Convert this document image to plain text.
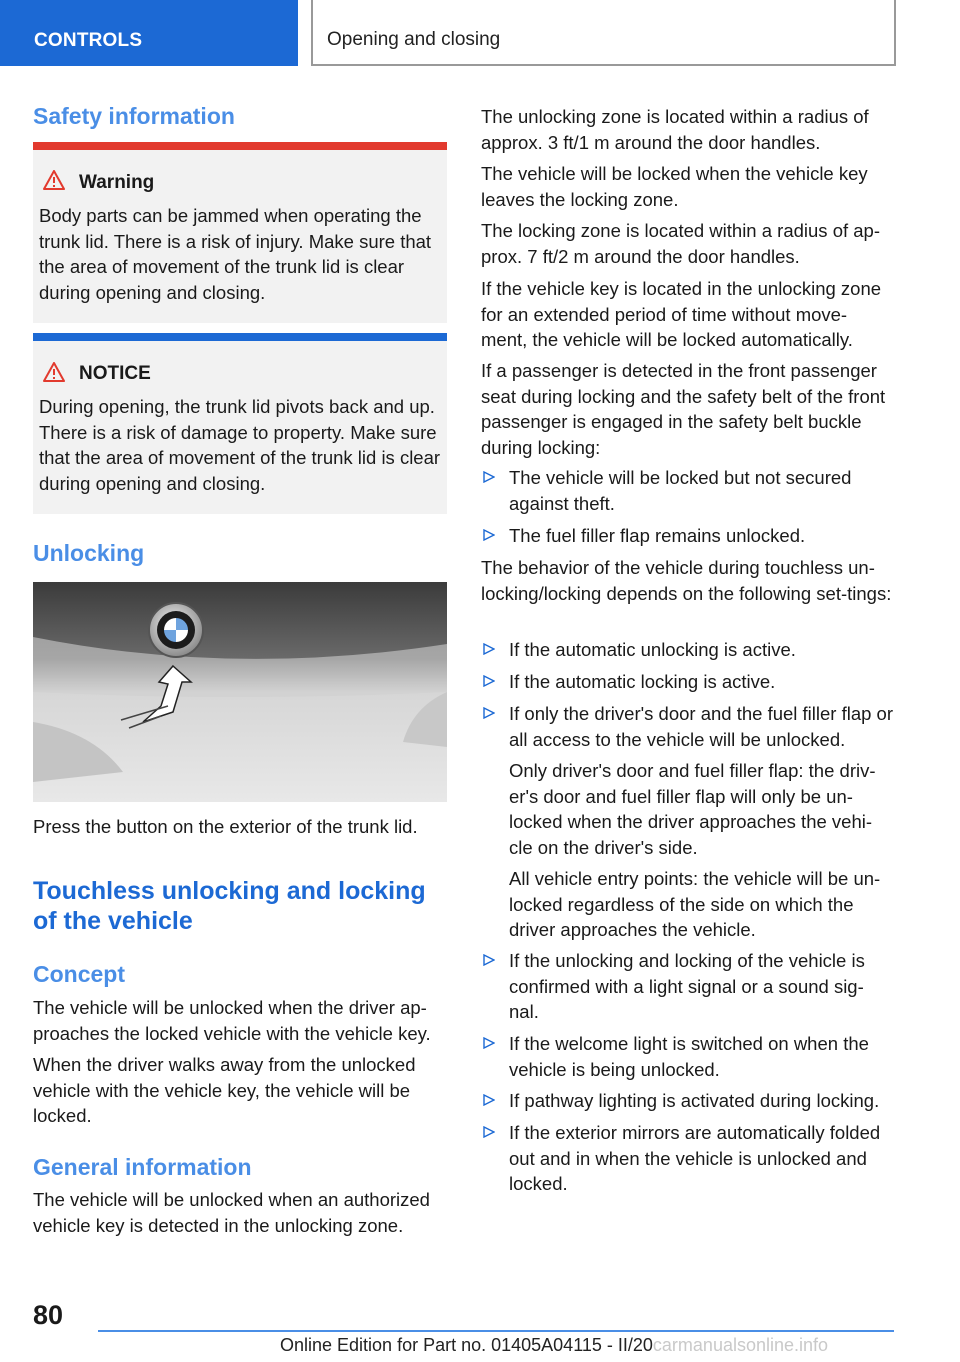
CONTROLS	Opening and closing
Safety information
Warning
Body parts can be jammed when operating the trunk lid. There is a risk of injury. Make sure that the area of movement of the trunk lid is clear during opening and closing.
NOTICE
During opening, the trunk lid pivots back and up. There is a risk of damage to property. Make sure that the area of movement of the trunk lid is clear during opening and closing.
Unlocking

Press the button on the exterior of the trunk lid.

Touchless unlocking and locking of the vehicle
Concept

The vehicle will be unlocked when the driver ap‐proaches the locked vehicle with the vehicle key.

When the driver walks away from the unlocked vehicle with the vehicle key, the vehicle will be locked.

General information

The vehicle will be unlocked when an authorized vehicle key is detected in the unlocking zone.

The unlocking zone is located within a radius of approx. 3 ft/1 m around the door handles.

The vehicle will be locked when the vehicle key leaves the locking zone.

The locking zone is located within a radius of ap‐prox. 7 ft/2 m around the door handles.

If the vehicle key is located in the unlocking zone for an extended period of time without move‐ment, the vehicle will be locked automatically.

If a passenger is detected in the front passenger seat during locking and the safety belt of the front passenger is engaged in the safety belt buckle during locking:

The vehicle will be locked but not secured against theft.
The fuel filler flap remains unlocked.

The behavior of the vehicle during touchless un‐locking/locking depends on the following set‐tings:

If the automatic unlocking is active.
If the automatic locking is active.
If only the driver's door and the fuel filler flap or all access to the vehicle will be unlocked.

Only driver's door and fuel filler flap: the driv‐er's door and fuel filler flap will only be un‐locked when the driver approaches the vehi‐cle on the driver's side.

All vehicle entry points: the vehicle will be un‐locked regardless of the side on which the driver approaches the vehicle.

If the unlocking and locking of the vehicle is confirmed with a light signal or a sound sig‐nal.
If the welcome light is switched on when the vehicle is being unlocked.
If pathway lighting is activated during locking.
If the exterior mirrors are automatically folded out and in when the vehicle is unlocked and locked.
80
Online Edition for Part no. 01405A04115 - II/20carmanualsonline.info
